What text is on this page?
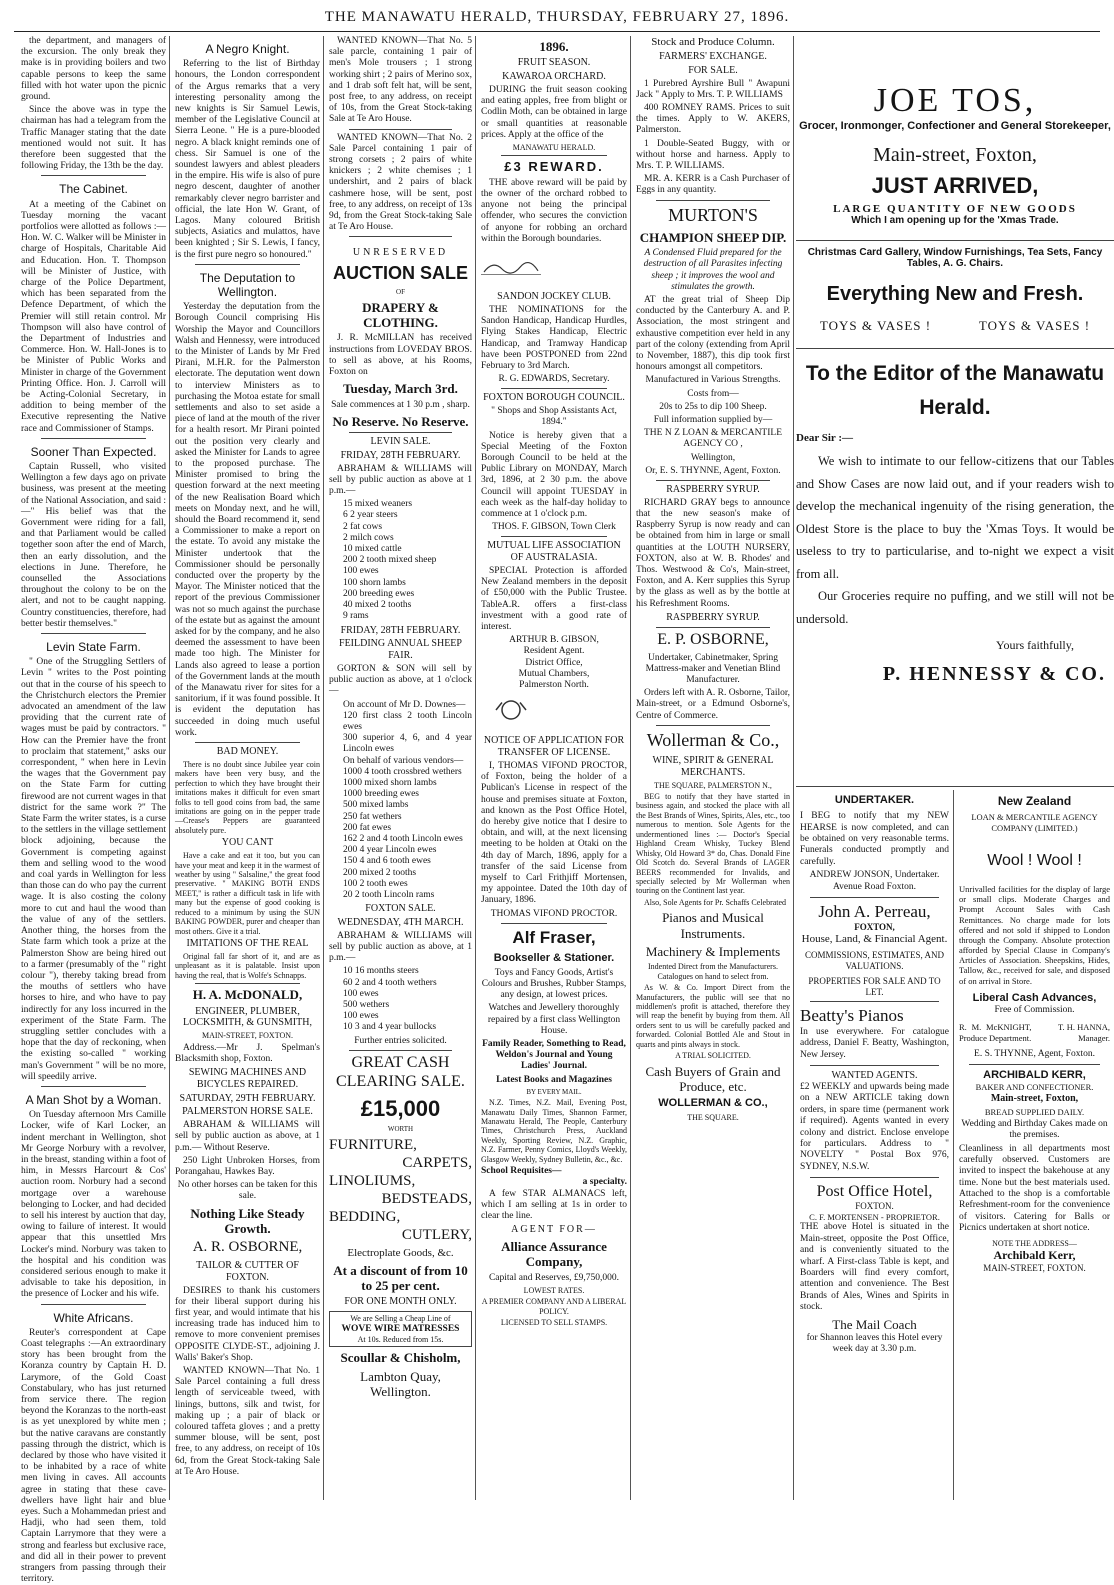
THE MANAWATU HERALD, THURSDAY, FEBRUARY 27, 1896.

the department, and managers of the excursion. The only break they make is in providing boilers and two capable persons to keep the same filled with hot water upon the picnic ground.

Since the above was in type the chairman has had a telegram from the Traffic Manager stating that the date mentioned would not suit. It has therefore been suggested that the following Friday, the 13th be the day.

The Cabinet.

At a meeting of the Cabinet on Tuesday morning the vacant portfolios were allotted as follows :— Hon. W. C. Walker will be Minister in charge of Hospitals, Charitable Aid and Education. Hon. T. Thompson will be Minister of Justice, with charge of the Police Department, which has been separated from the Defence Department, of which the Premier will still retain control. Mr Thompson will also have control of the Department of Industries and Commerce. Hon. W. Hall-Jones is to be Minister of Public Works and Minister in charge of the Government Printing Office. Hon. J. Carroll will be Acting-Colonial Secretary, in addition to being member of the Executive representing the Native race and Commissioner of Stamps.

Sooner Than Expected.

Captain Russell, who visited Wellington a few days ago on private business, was present at the meeting of the National Association, and said :—" His belief was that the Government were riding for a fall, and that Parliament would be called together soon after the end of March, then an early dissolution, and the elections in June. Therefore, he counselled the Associations throughout the colony to be on the alert, and not to be caught napping. Country constituencies, therefore, had better bestir themselves."

Levin State Farm.

" One of the Struggling Settlers of Levin " writes to the Post pointing out that in the course of his speech to the Christchurch electors the Premier advocated an amendment of the law providing that the current rate of wages must be paid by contractors. " How can the Premier have the front to proclaim that statement," asks our correspondent, " when here in Levin the wages that the Government pay on the State Farm for cutting firewood are not current wages in that district for the same work ?" The State Farm the writer states, is a curse to the settlers in the village settlement block adjoining, because the Government is competing against them and selling wood to the wood and coal yards in Wellington for less than those can do who pay the current wage. It is also costing the colony more to cut and haul the wood than the value of any of the settlers. Another thing, the horses from the State farm which took a prize at the Palmerston Show are being hired out to a farmer (presumably of the " right colour "), thereby taking bread from the mouths of settlers who have horses to hire, and who have to pay indirectly for any loss incurred in the experiment of the State Farm. The struggling settler concludes with a hope that the day of reckoning, when the existing so-called " working man's Government " will be no more, will speedily arrive.

A Man Shot by a Woman.

On Tuesday afternoon Mrs Camille Locker, wife of Karl Locker, an indent merchant in Wellington, shot Mr George Norbury with a revolver, in the breast, standing within a foot of him, in Messrs Harcourt & Cos' auction room. Norbury had a second mortgage over a warehouse belonging to Locker, and had decided to sell his interest by auction that day, owing to failure of interest. It would appear that this unsettled Mrs Locker's mind. Norbury was taken to the hospital and his condition was considered serious enough to make it advisable to take his deposition, in the presence of Locker and his wife.

White Africans.

Reuter's correspondent at Cape Coast telegraphs :—An extraordinary story has been brought from the Koranza country by Captain H. D. Larymore, of the Gold Coast Constabulary, who has just returned from service there. The region beyond the Koranzas to the north-east is as yet unexplored by white men ; but the native caravans are constantly passing through the district, which is declared by those who have visited it to be inhabited by a race of white men living in caves. All accounts agree in stating that these cave-dwellers have light hair and blue eyes. Such a Mohammedan priest and Hadji, who had seen them, told Captain Larrymore that they were a strong and fearless but exclusive race, and did all in their power to prevent strangers from passing through their territory.

A Negro Knight.

Referring to the list of Birthday honours, the London correspondent of the Argus remarks that a very interesting personality among the new knights is Sir Samuel Lewis, member of the Legislative Council at Sierra Leone. " He is a pure-blooded negro. A black knight reminds one of chess. Sir Samuel is one of the soundest lawyers and ablest pleaders in the empire. His wife is also of pure negro descent, daughter of another remarkably clever negro barrister and official, the late Hon W. Grant, of Lagos. Many coloured British subjects, Asiatics and mulattos, have been knighted ; Sir S. Lewis, I fancy, is the first pure negro so honoured."

The Deputation to Wellington.

Yesterday the deputation from the Borough Council comprising His Worship the Mayor and Councillors Walsh and Hennessy, were introduced to the Minister of Lands by Mr Fred Pirani, M.H.R. for the Palmerston electorate. The deputation went down to interview Ministers as to purchasing the Motoa estate for small settlements and also to set aside a piece of land at the mouth of the river for a health resort. Mr Pirani pointed out the position very clearly and asked the Minister for Lands to agree to the proposed purchase. The Minister promised to bring the question forward at the next meeting of the new Realisation Board which meets on Monday next, and he will, should the Board recommend it, send a Commissioner to make a report on the estate. To avoid any mistake the Minister undertook that the Commissioner should be personally conducted over the property by the Mayor. The Minister noticed that the report of the previous Commissioner was not so much against the purchase of the estate but as against the amount asked for by the company, and he also deemed the assessment to have been made too high. The Minister for Lands also agreed to lease a portion of the Government lands at the mouth of the Manawatu river for sites for a sanitorium, if it was found possible. It is evident the deputation has succeeded in doing much useful work.

BAD MONEY.

There is no doubt since Jubilee year coin makers have been very busy, and the perfection to which they have brought their imitations makes it difficult for even smart folks to tell good coins from bad, the same imitations are going on in the pepper trade —Crease's Peppers are guaranteed absolutely pure.

YOU CANT

Have a cake and eat it too, but you can have your meat and keep it in the warmest of weather by using " Salsaline," the great food preservative. " MAKING BOTH ENDS MEET," is rather a difficult task in life with many but the expense of good cooking is reduced to a minimum by using the SUN BAKING POWDER, purer and cheaper than most others. Give it a trial.

IMITATIONS OF THE REAL

Original fall far short of it, and are as unpleasant as it is palatable. Insist upon having the real, that is Wolfe's Schnapps.

H. A. McDONALD,
ENGINEER, PLUMBER, LOCKSMITH, & GUNSMITH,
MAIN-STREET, FOXTON.

Address.—Mr J. Spelman's Blacksmith shop, Foxton.

SEWING MACHINES AND BICYCLES REPAIRED.
SATURDAY, 29TH FEBRUARY.
PALMERSTON HORSE SALE.

ABRAHAM & WILLIAMS will sell by public auction as above, at 1 p.m.— Without Reserve.

250 Light Unbroken Horses, from Porangahau, Hawkes Bay.

No other horses can be taken for this sale.

Nothing Like Steady Growth.
A. R. OSBORNE,
TAILOR & CUTTER OF FOXTON.

DESIRES to thank his customers for their liberal support during his first year, and would intimate that his increasing trade has induced him to remove to more convenient premises OPPOSITE CLYDE-ST., adjoining J. Walls' Baker's Shop.

WANTED KNOWN—That No. 1 Sale Parcel containing a full dress length of serviceable tweed, with linings, buttons, silk and twist, for making up ; a pair of black or coloured taffeta gloves ; and a pretty summer blouse, will be sent, post free, to any address, on receipt of 10s 6d, from the Great Stock-taking Sale at Te Aro House.

WANTED KNOWN—That No. 5 sale parcle, containing 1 pair of men's Mole trousers ; 1 strong working shirt ; 2 pairs of Merino sox, and 1 drab soft felt hat, will be sent, post free, to any address, on receipt of 10s, from the Great Stock-taking Sale at Te Aro House.

WANTED KNOWN—That No. 2 Sale Parcel containing 1 pair of strong corsets ; 2 pairs of white knickers ; 2 white chemises ; 1 undershirt, and 2 pairs of black cashmere hose, will be sent, post free, to any address, on receipt of 13s 9d, from the Great Stock-taking Sale at Te Aro House.

UNRESERVED
AUCTION SALE
OF
DRAPERY & CLOTHING.

J. R. McMILLAN has received instructions from LOVEDAY BROS. to sell as above, at his Rooms, Foxton on

Tuesday, March 3rd.

Sale commences at 1 30 p.m , sharp.

No Reserve. No Reserve.
LEVIN SALE.
FRIDAY, 28TH FEBRUARY.

ABRAHAM & WILLIAMS will sell by public auction as above at 1 p.m.—

15 mixed weaners
6 2 year steers
2 fat cows
2 milch cows
10 mixed cattle
200 2 tooth mixed sheep
100 ewes
100 shorn lambs
200 breeding ewes
40 mixed 2 tooths
9 rams
FRIDAY, 28TH FEBRUARY.
FEILDING ANNUAL SHEEP FAIR.

GORTON & SON will sell by public auction as above, at 1 o'clock —

On account of Mr D. Downes—
120 first class 2 tooth Lincoln ewes
300 superior 4, 6, and 4 year Lincoln ewes
On behalf of various vendors—
1000 4 tooth crossbred wethers
1000 mixed shorn lambs
1000 breeding ewes
500 mixed lambs
250 fat wethers
200 fat ewes
162 2 and 4 tooth Lincoln ewes
200 4 year Lincoln ewes
150 4 and 6 tooth ewes
200 mixed 2 tooths
100 2 tooth ewes
20 2 tooth Lincoln rams
FOXTON SALE.
WEDNESDAY, 4TH MARCH.

ABRAHAM & WILLIAMS will sell by public auction as above, at 1 p.m.—

10 16 months steers
60 2 and 4 tooth wethers
100 ewes
500 wethers
100 ewes
10 3 and 4 year bullocks

Further entries solicited.

GREAT CASH CLEARING SALE.
£15,000
WORTH
FURNITURE,
CARPETS,
LINOLIUMS,
BEDSTEADS,
BEDDING,
CUTLERY,
Electroplate Goods, &c.
At a discount of from 10 to 25 per cent.
FOR ONE MONTH ONLY.
We are Selling a Cheap Line of
WOVE WIRE MATRESSES
At 10s. Reduced from 15s.
Scoullar & Chisholm,
Lambton Quay, Wellington.
1896.
FRUIT SEASON.
KAWAROA ORCHARD.

DURING the fruit season cooking and eating apples, free from blight or Codlin Moth, can be obtained in large or small quantities at reasonable prices. Apply at the office of the

MANAWATU HERALD.

£3 REWARD.

THE above reward will be paid by the owner of the orchard robbed to anyone not being the principal offender, who secures the conviction of anyone for robbing an orchard within the Borough boundaries.

SANDON JOCKEY CLUB.

THE NOMINATIONS for the Sandon Handicap, Handicap Hurdles, Flying Stakes Handicap, Electric Handicap, and Tramway Handicap have been POSTPONED from 22nd February to 3rd March.

R. G. EDWARDS, Secretary.

FOXTON BOROUGH COUNCIL.

" Shops and Shop Assistants Act, 1894."

Notice is hereby given that a Special Meeting of the Foxton Borough Council to be held at the Public Library on MONDAY, March 3rd, 1896, at 2 30 p.m. the above Council will appoint TUESDAY in each week as the half-day holiday to commence at 1 o'clock p.m.

THOS. F. GIBSON, Town Clerk

MUTUAL LIFE ASSOCIATION OF AUSTRALASIA.

SPECIAL Protection is afforded New Zealand members in the deposit of £50,000 with the Public Trustee. TableA.R. offers a first-class investment with a good rate of interest.

ARTHUR B. GIBSON,
Resident Agent.
District Office,
Mutual Chambers,
Palmerston North.
NOTICE OF APPLICATION FOR TRANSFER OF LICENSE.

I, THOMAS VIFOND PROCTOR, of Foxton, being the holder of a Publican's License in respect of the house and premises situate at Foxton, and known as the Post Office Hotel, do hereby give notice that I desire to obtain, and will, at the next licensing meeting to be holden at Otaki on the 4th day of March, 1896, apply for a transfer of the said License from myself to Carl Frithjiff Mortensen, my appointee. Dated the 10th day of January, 1896.

THOMAS VIFOND PROCTOR.

Alf Fraser,
Bookseller & Stationer.

Toys and Fancy Goods, Artist's Colours and Brushes, Rubber Stamps, any design, at lowest prices.

Watches and Jewellery thoroughly repaired by a first class Wellington House.

Family Reader, Something to Read, Weldon's Journal and Young Ladies' Journal.

Latest Books and Magazines
BY EVERY MAIL.

N.Z. Times, N.Z. Mail, Evening Post, Manawatu Daily Times, Shannon Farmer, Manawatu Herald, The People, Canterbury Times, Christchurch Press, Auckland Weekly, Sporting Review, N.Z. Graphic, N.Z. Farmer, Penny Comics, Lloyd's Weekly, Glasgow Weekly, Sydney Bulletin, &c., &c.

School Requisites—
a specialty.

A few STAR ALMANACS left, which I am selling at 1s in order to clear the line.

AGENT FOR—
Alliance Assurance Company,

Capital and Reserves, £9,750,000.

LOWEST RATES.

A PREMIER COMPANY AND A LIBERAL POLICY.

LICENSED TO SELL STAMPS.

Stock and Produce Column.
FARMERS' EXCHANGE.
FOR SALE.

1 Purebred Ayrshire Bull " Awapuni Jack " Apply to Mrs. T. P. WILLIAMS

400 ROMNEY RAMS. Prices to suit the times. Apply to W. AKERS, Palmerston.

1 Double-Seated Buggy, with or without horse and harness. Apply to Mrs. T. P. WILLIAMS.

MR. A. KERR is a Cash Purchaser of Eggs in any quantity.

MURTON'S
CHAMPION SHEEP DIP.

A Condensed Fluid prepared for the destruction of all Parasites infecting sheep ; it improves the wool and stimulates the growth.

AT the great trial of Sheep Dip conducted by the Canterbury A. and P. Association, the most stringent and exhaustive competition ever held in any part of the colony (extending from April to November, 1887), this dip took first honours amongst all competitors.

Manufactured in Various Strengths.

Costs from—

20s to 25s to dip 100 Sheep.

Full information supplied by—

THE N Z LOAN & MERCANTILE AGENCY CO ,

Wellington,

Or, E. S. THYNNE, Agent, Foxton.

RASPBERRY SYRUP.

RICHARD GRAY begs to announce that the new season's make of Raspberry Syrup is now ready and can be obtained from him in large or small quantities at the LOUTH NURSERY, FOXTON, also at W. B. Rhodes' and Thos. Westwood & Co's, Main-street, Foxton, and A. Kerr supplies this Syrup by the glass as well as by the bottle at his Refreshment Rooms.

RASPBERRY SYRUP.
E. P. OSBORNE,

Undertaker, Cabinetmaker, Spring Mattress-maker and Venetian Blind Manufacturer.

Orders left with A. R. Osborne, Tailor, Main-street, or a Edmund Osborne's, Centre of Commerce.

Wollerman & Co.,
WINE, SPIRIT & GENERAL MERCHANTS.
THE SQUARE, PALMERSTON N.,

BEG to notify that they have started in business again, and stocked the place with all the Best Brands of Wines, Spirits, Ales, etc., too numerous to mention. Sole Agents for the undermentioned lines :— Doctor's Special Highland Cream Whisky, Tuckey Blend Whisky, Old Howard 3* do, Chas. Donald Fine Old Scotch do. Several Brands of LAGER BEERS recommended for Invalids, and specially selected by Mr Wollerman when touring on the Continent last year.

Also, Sole Agents for Pr. Schaffs Celebrated

Pianos and Musical Instruments.
Machinery & Implements

Indented Direct from the Manufacturers. Catalogues on hand to select from.

As W. & Co. Import Direct from the Manufacturers, the public will see that no middlemen's profit is attached, therefore they will reap the benefit by buying from them. All orders sent to us will be carefully packed and forwarded. Colonial Bottled Ale and Stout in quarts and pints always in stock.

A TRIAL SOLICITED.
Cash Buyers of Grain and Produce, etc.
WOLLERMAN & CO.,
THE SQUARE.
JOE TOS,
Grocer, Ironmonger, Confectioner and General Storekeeper,
Main-street, Foxton,
JUST ARRIVED,
LARGE QUANTITY OF NEW GOODS
Which I am opening up for the 'Xmas Trade.
Christmas Card Gallery, Window Furnishings, Tea Sets, Fancy Tables, A. G. Chairs.
Everything New and Fresh.
TOYS & VASES !	TOYS & VASES !
To the Editor of the Manawatu Herald.
Dear Sir :—

We wish to intimate to our fellow-citizens that our Tables and Show Cases are now laid out, and if your readers wish to develop the mechanical ingenuity of the rising generation, the Oldest Store is the place to buy the 'Xmas Toys. It would be useless to try to particularise, and to-night we expect a visit from all.

Our Groceries require no puffing, and we still will not be undersold.

Yours faithfully,
P. HENNESSY & CO.
UNDERTAKER.

I BEG to notify that my NEW HEARSE is now completed, and can be obtained on very reasonable terms. Funerals conducted promptly and carefully.

ANDREW JONSON, Undertaker. Avenue Road Foxton.

John A. Perreau,
FOXTON,
House, Land, & Financial Agent.
COMMISSIONS, ESTIMATES, AND VALUATIONS.
PROPERTIES FOR SALE AND TO LET.
Beatty's Pianos

In use everywhere. For catalogue address, Daniel F. Beatty, Washington, New Jersey.

WANTED AGENTS.

£2 WEEKLY and upwards being made on a NEW ARTICLE taking down orders, in spare time (permanent work if required). Agents wanted in every colony and district. Enclose envelope for particulars. Address to " NOVELTY " Postal Box 976, SYDNEY, N.S.W.

Post Office Hotel,
FOXTON.
C. F. MORTENSEN - PROPRIETOR.

THE above Hotel is situated in the Main-street, opposite the Post Office, and is conveniently situated to the wharf. A First-class Table is kept, and Boarders will find every comfort, attention and convenience. The Best Brands of Ales, Wines and Spirits in stock.

The Mail Coach

for Shannon leaves this Hotel every week day at 3.30 p.m.

New Zealand

LOAN & MERCANTILE AGENCY COMPANY (LIMITED.)

Wool ! Wool !

Unrivalled facilities for the display of large or small clips. Moderate Charges and Prompt Account Sales with Cash Remittances. No charge made for lots offered and not sold if shipped to London through the Company. Absolute protection afforded by Special Clause in Company's Articles of Association. Sheepskins, Hides, Tallow, &c., received for sale, and disposed of on arrival in Store.

Liberal Cash Advances,

Free of Commission.

R. M. McKNIGHT, Produce Department.
T. H. HANNA, Manager.

E. S. THYNNE, Agent, Foxton.

ARCHIBALD KERR,
BAKER AND CONFECTIONER.
Main-street, Foxton,
BREAD SUPPLIED DAILY.

Wedding and Birthday Cakes made on the premises.

Cleanliness in all departments most carefully observed. Customers are invited to inspect the bakehouse at any time. None but the best materials used. Attached to the shop is a comfortable Refreshment-room for the convenience of visitors. Catering for Balls or Picnics undertaken at short notice.

NOTE THE ADDRESS—
Archibald Kerr,
MAIN-STREET, FOXTON.
